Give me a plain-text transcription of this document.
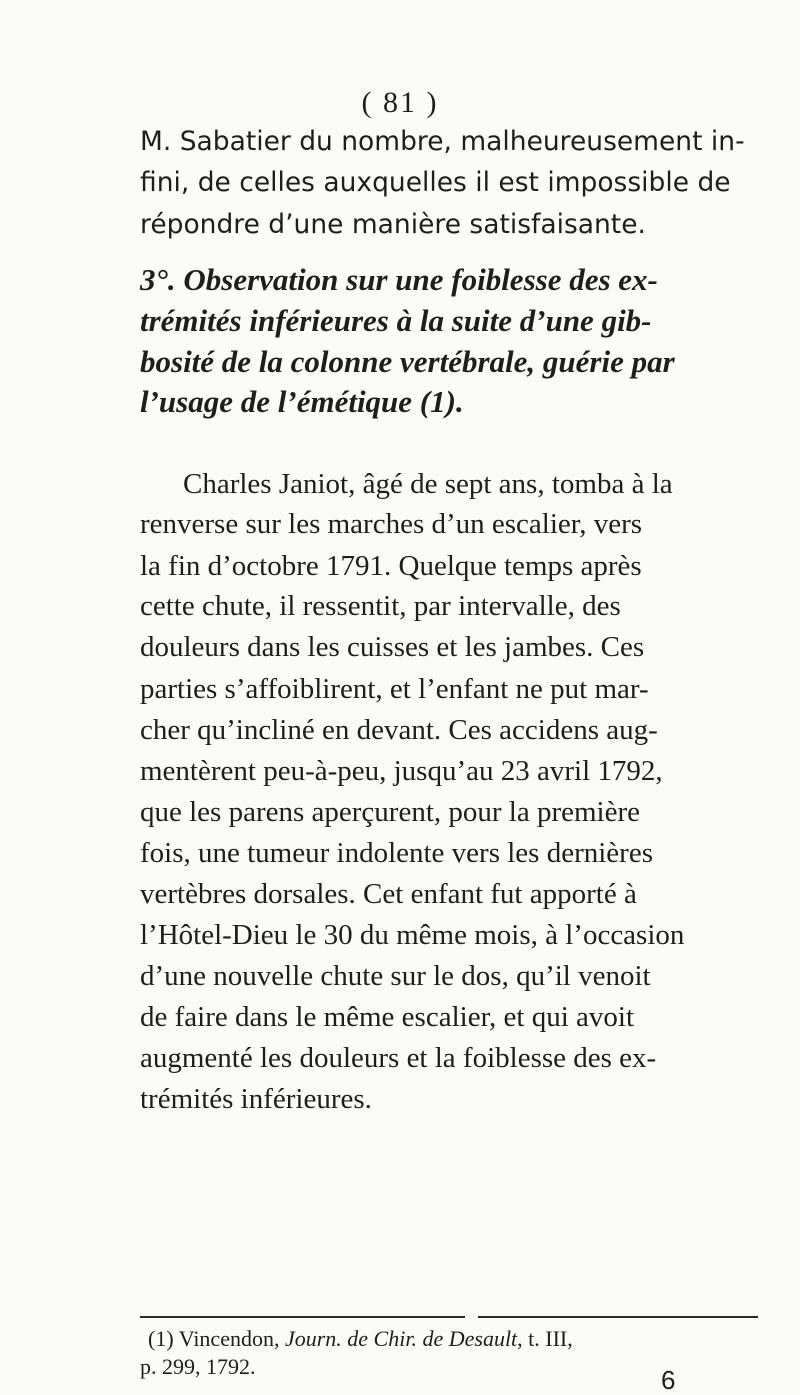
( 81 )

M. Sabatier du nombre, malheureusement in-

fini, de celles auxquelles il est impossible de

répondre d’une manière satisfaisante.

3°. Observation sur une foiblesse des ex-

trémités inférieures à la suite d’une gib-

bosité de la colonne vertébrale, guérie par

l’usage de l’émétique (1).

Charles Janiot, âgé de sept ans, tomba à la

renverse sur les marches d’un escalier, vers

la fin d’octobre 1791. Quelque temps après

cette chute, il ressentit, par intervalle, des

douleurs dans les cuisses et les jambes. Ces

parties s’affoiblirent, et l’enfant ne put mar-

cher qu’incliné en devant. Ces accidens aug-

mentèrent peu-à-peu, jusqu’au 23 avril 1792,

que les parens aperçurent, pour la première

fois, une tumeur indolente vers les dernières

vertèbres dorsales. Cet enfant fut apporté à

l’Hôtel-Dieu le 30 du même mois, à l’occasion

d’une nouvelle chute sur le dos, qu’il venoit

de faire dans le même escalier, et qui avoit

augmenté les douleurs et la foiblesse des ex-

trémités inférieures.

(1) Vincendon, Journ. de Chir. de Desault, t. III,

p. 299, 1792.	6
